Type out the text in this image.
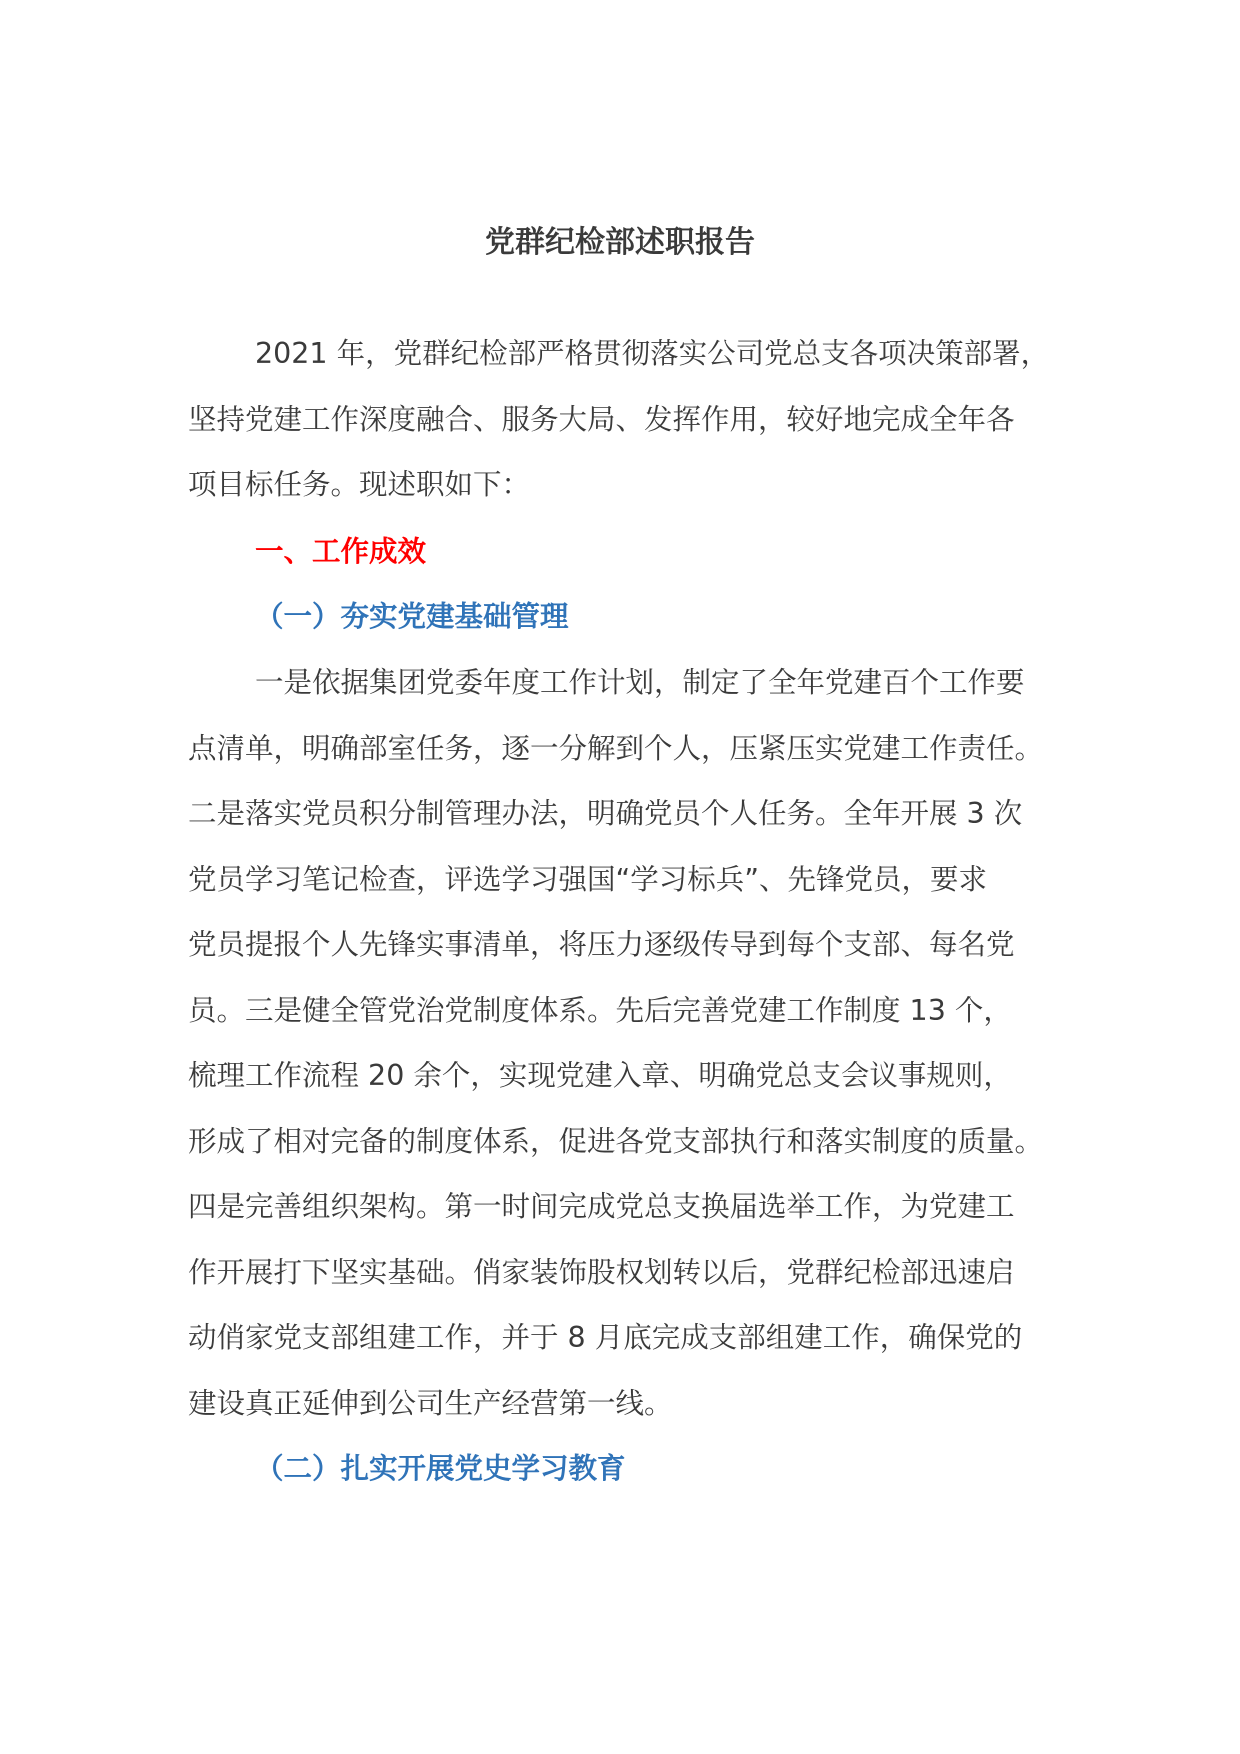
党群纪检部述职报告

2021 年，党群纪检部严格贯彻落实公司党总支各项决策部署，
坚持党建工作深度融合、服务大局、发挥作用，较好地完成全年各
项目标任务。现述职如下：

一、工作成效
（一）夯实党建基础管理

一是依据集团党委年度工作计划，制定了全年党建百个工作要
点清单，明确部室任务，逐一分解到个人，压紧压实党建工作责任。
二是落实党员积分制管理办法，明确党员个人任务。全年开展 3 次
党员学习笔记检查，评选学习强国“学习标兵”、先锋党员，要求
党员提报个人先锋实事清单，将压力逐级传导到每个支部、每名党
员。三是健全管党治党制度体系。先后完善党建工作制度 13 个，
梳理工作流程 20 余个，实现党建入章、明确党总支会议事规则，
形成了相对完备的制度体系，促进各党支部执行和落实制度的质量。
四是完善组织架构。第一时间完成党总支换届选举工作，为党建工
作开展打下坚实基础。俏家装饰股权划转以后，党群纪检部迅速启
动俏家党支部组建工作，并于 8 月底完成支部组建工作，确保党的
建设真正延伸到公司生产经营第一线。

（二）扎实开展党史学习教育
